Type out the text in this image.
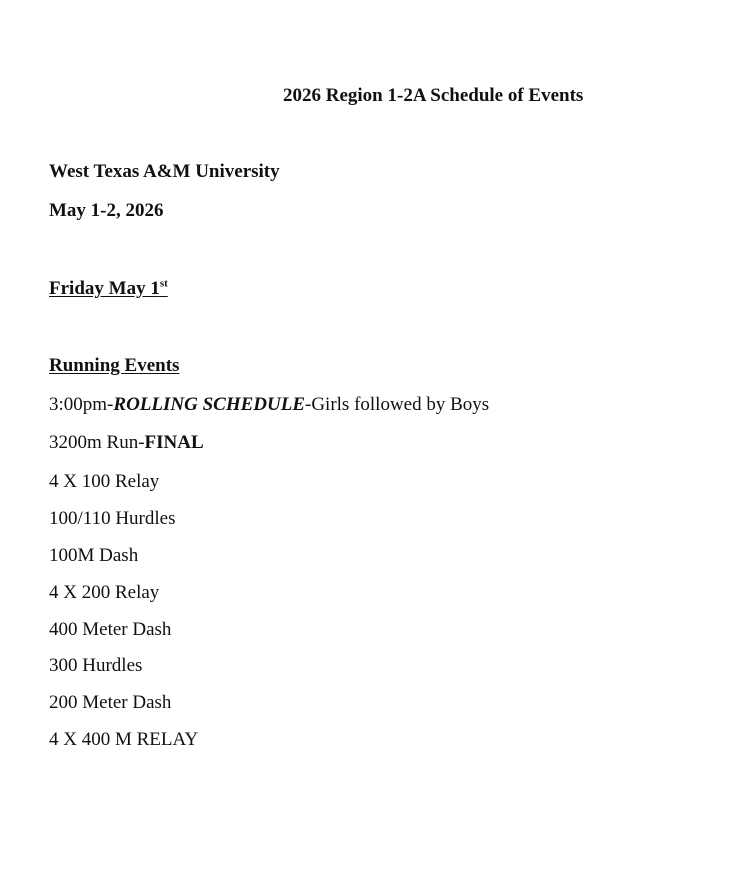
2026 Region 1-2A Schedule of Events
West Texas A&M University
May 1-2, 2026
Friday May 1st
Running Events
3:00pm-ROLLING SCHEDULE-Girls followed by Boys
3200m Run-FINAL
4 X 100 Relay
100/110 Hurdles
100M Dash
4 X 200 Relay
400 Meter Dash
300 Hurdles
200 Meter Dash
4 X 400 M RELAY
